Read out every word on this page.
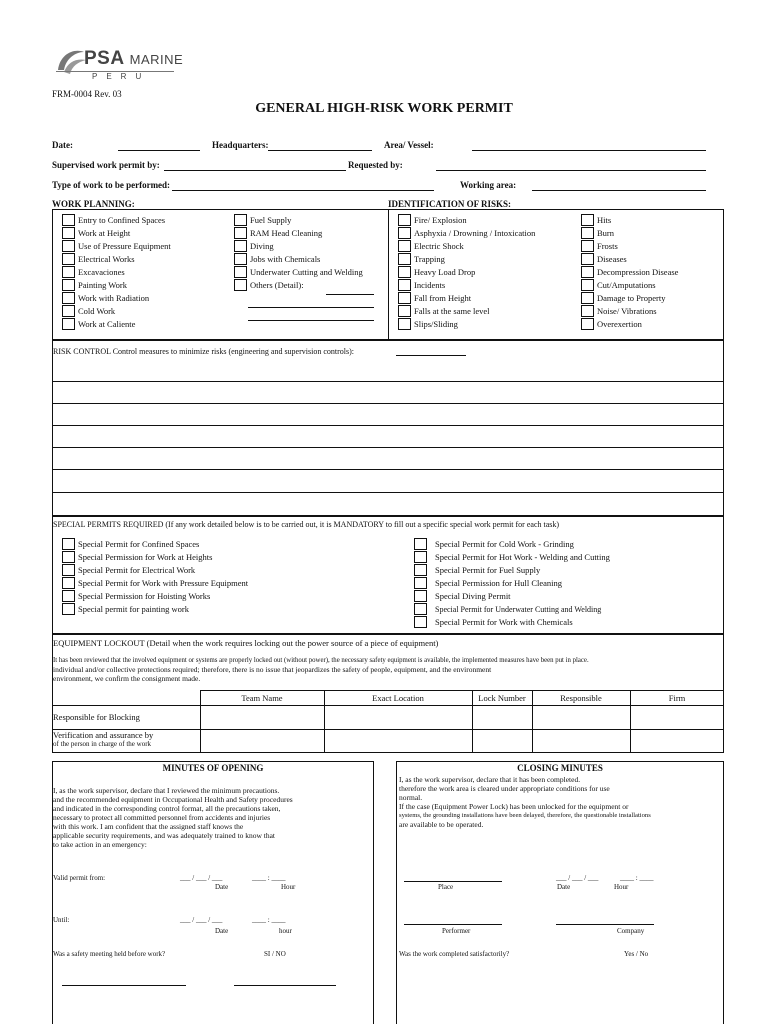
PSA MARINE
PERU
FRM-0004 Rev. 03
GENERAL HIGH-RISK WORK PERMIT
Date:	Headquarters:	Area/ Vessel:
Supervised work permit by:	Requested by:
Type of work to be performed:	Working area:
WORK PLANNING:	IDENTIFICATION OF RISKS:
Entry to Confined Spaces
Work at Height
Use of Pressure Equipment
Electrical Works
Excavaciones
Painting Work
Work with Radiation
Cold Work
Work at Caliente
Fuel Supply
RAM Head Cleaning
Diving
Jobs with Chemicals
Underwater Cutting and Welding
Others (Detail):
Fire/ Explosion
Asphyxia / Drowning / Intoxication
Electric Shock
Trapping
Heavy Load Drop
Incidents
Fall from Height
Falls at the same level
Slips/Sliding
Hits
Burn
Frosts
Diseases
Decompression Disease
Cut/Amputations
Damage to Property
Noise/ Vibrations
Overexertion
RISK CONTROL Control measures to minimize risks (engineering and supervision controls):
SPECIAL PERMITS REQUIRED (If any work detailed below is to be carried out, it is MANDATORY to fill out a specific special work permit for each task)
Special Permit for Confined Spaces
Special Permission for Work at Heights
Special Permit for Electrical Work
Special Permit for Work with Pressure Equipment
Special Permission for Hoisting Works
Special permit for painting work
Special Permit for Cold Work - Grinding
Special Permit for Hot Work - Welding and Cutting
Special Permit for Fuel Supply
Special Permission for Hull Cleaning
Special Diving Permit
Special Permit for Underwater Cutting and Welding
Special Permit for Work with Chemicals
EQUIPMENT LOCKOUT (Detail when the work requires locking out the power source of a piece of equipment)
It has been reviewed that the involved equipment or systems are properly locked out (without power), the necessary safety equipment is available, the implemented measures have been put in place.
individual and/or collective protections required; therefore, there is no issue that jeopardizes the safety of people, equipment, and the environment
environment, we confirm the consignment made.
Team Name	Exact Location	Lock Number	Responsible	Firm
Responsible for Blocking
Verification and assurance by
of the person in charge of the work
MINUTES OF OPENING
I, as the work supervisor, declare that I reviewed the minimum precautions.
and the recommended equipment in Occupational Health and Safety procedures
and indicated in the corresponding control format, all the precautions taken,
necessary to protect all committed personnel from accidents and injuries
with this work. I am confident that the assigned staff knows the
applicable security requirements, and was adequately trained to know that
to take action in an emergency:
Valid permit from:	___ / ___ / ___	____ : ____
Date	Hour
Until:	___ / ___ / ___	____ : ____
Date	hour
Was a safety meeting held before work?	SI / NO
CLOSING MINUTES
I, as the work supervisor, declare that it has been completed.
therefore the work area is cleared under appropriate conditions for use
normal.
If the case (Equipment Power Lock) has been unlocked for the equipment or
systems, the grounding installations have been delayed, therefore, the questionable installations
are available to be operated.
Place
___ / ___ / ___	____ : ____
Date	Hour
Performer	Company
Was the work completed satisfactorily?	Yes / No
